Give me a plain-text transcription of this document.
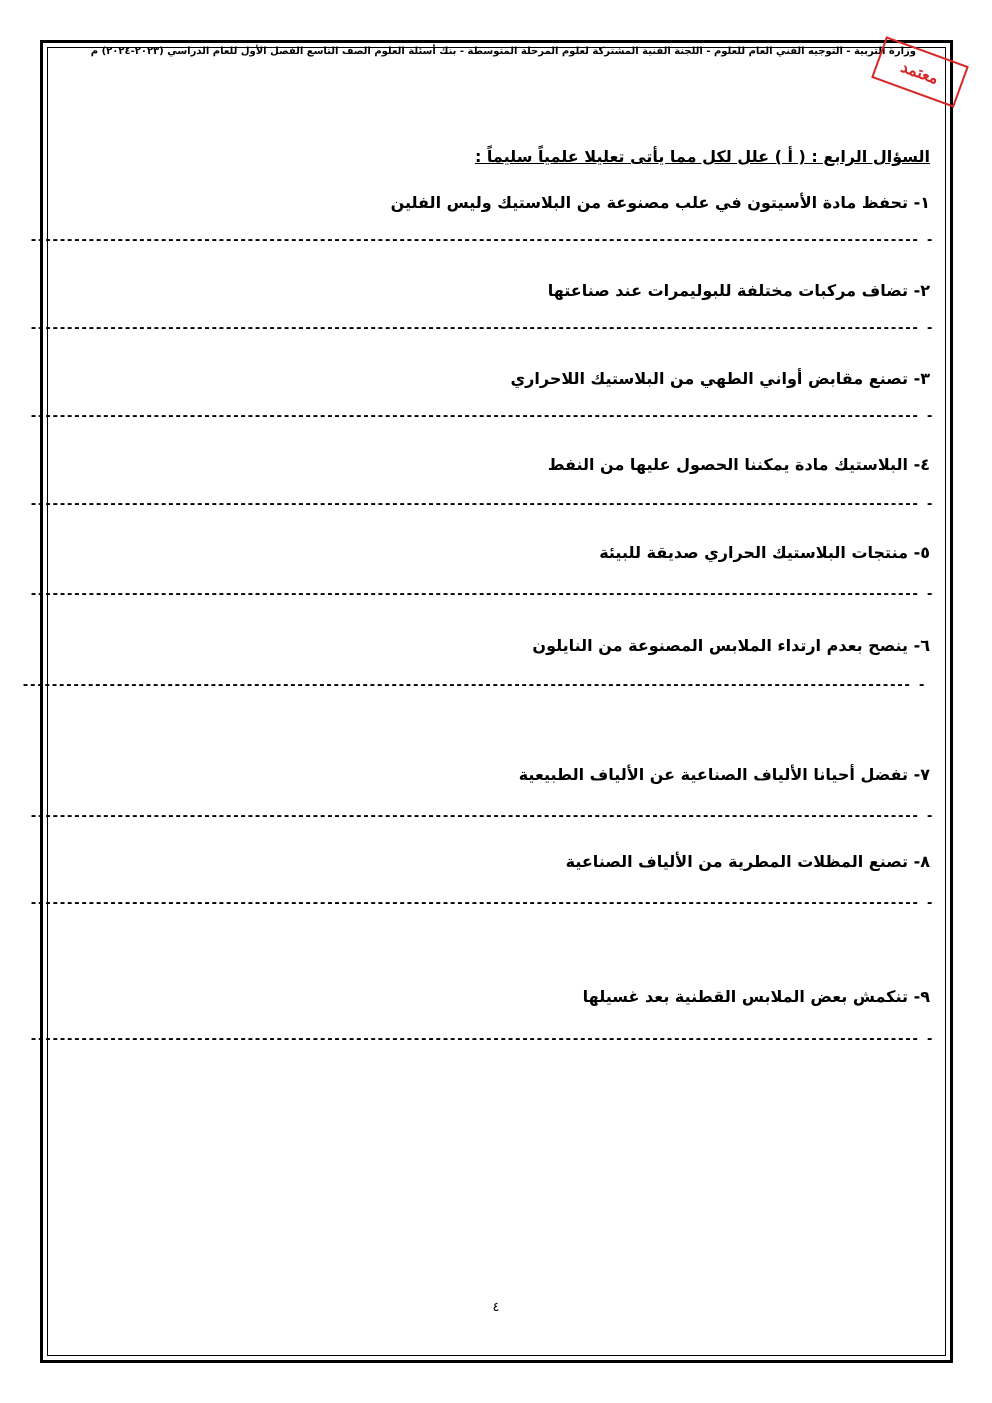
وزارة التربية - التوجيه الفني العام للعلوم - اللجنة الفنية المشتركة لعلوم المرحلة المتوسطة - بنك أسئلة العلوم الصف التاسع الفصل الأول للعام الدراسي (٢٠٢٣-٢٠٢٤) م
معتمد
السؤال الرابع : ( أ ) علل لكل مما يأتى تعليلا علمياً سليماً :
١- تحفظ مادة الأسيتون في علب مصنوعة من البلاستيك وليس الفلين
- ---------------------------------------------------------------------------------------------------------------------------
٢- تضاف مركبات مختلفة للبوليمرات عند صناعتها
- ---------------------------------------------------------------------------------------------------------------------------
٣- تصنع مقابض أواني الطهي من البلاستيك اللاحراري
- ---------------------------------------------------------------------------------------------------------------------------
٤- البلاستيك مادة يمكننا الحصول عليها من النفط
- ---------------------------------------------------------------------------------------------------------------------------
٥- منتجات البلاستيك الحراري صديقة للبيئة
- ---------------------------------------------------------------------------------------------------------------------------
٦- ينصح بعدم ارتداء الملابس المصنوعة من النايلون
- ---------------------------------------------------------------------------------------------------------------------------
٧- تفضل أحيانا الألياف الصناعية عن الألياف الطبيعية
- ---------------------------------------------------------------------------------------------------------------------------
٨- تصنع المظلات المطرية من الألياف الصناعية
- ---------------------------------------------------------------------------------------------------------------------------
٩- تنكمش بعض الملابس القطنية بعد غسيلها
- ---------------------------------------------------------------------------------------------------------------------------
٤
